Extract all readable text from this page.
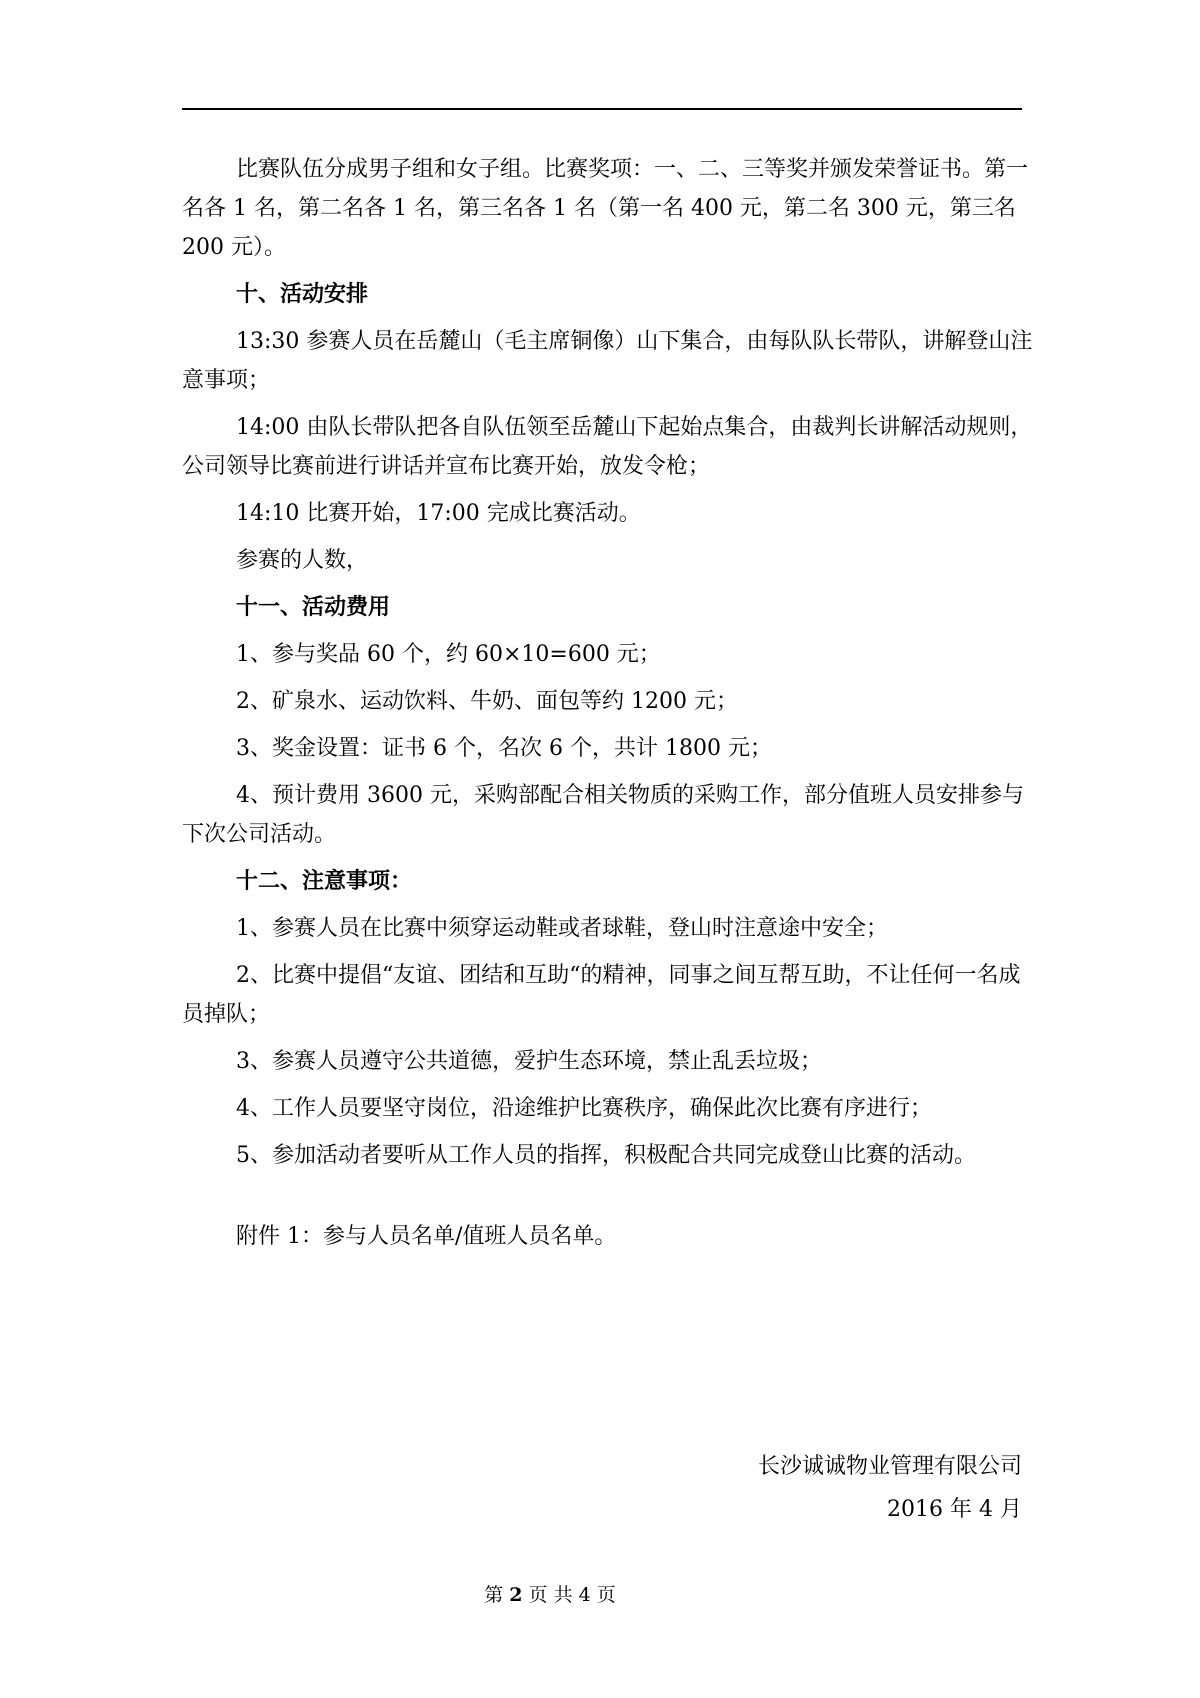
比赛队伍分成男子组和女子组。比赛奖项：一、二、三等奖并颁发荣誉证书。第一名各 1 名，第二名各 1 名，第三名各 1 名（第一名 400 元，第二名 300 元，第三名 200 元）。

十、活动安排

13:30 参赛人员在岳麓山（毛主席铜像）山下集合，由每队队长带队，讲解登山注意事项；

14:00 由队长带队把各自队伍领至岳麓山下起始点集合，由裁判长讲解活动规则，公司领导比赛前进行讲话并宣布比赛开始，放发令枪；

14:10 比赛开始，17:00 完成比赛活动。

参赛的人数，

十一、活动费用

1、参与奖品 60 个，约 60×10=600 元；

2、矿泉水、运动饮料、牛奶、面包等约 1200 元；

3、奖金设置：证书 6 个，名次 6 个，共计 1800 元；

4、预计费用 3600 元，采购部配合相关物质的采购工作，部分值班人员安排参与下次公司活动。

十二、注意事项：

1、参赛人员在比赛中须穿运动鞋或者球鞋，登山时注意途中安全；

2、比赛中提倡“友谊、团结和互助“的精神，同事之间互帮互助，不让任何一名成员掉队；

3、参赛人员遵守公共道德，爱护生态环境，禁止乱丢垃圾；

4、工作人员要坚守岗位，沿途维护比赛秩序，确保此次比赛有序进行；

5、参加活动者要听从工作人员的指挥，积极配合共同完成登山比赛的活动。

附件 1：参与人员名单/值班人员名单。

长沙诚诚物业管理有限公司
2016 年 4 月
第 2 页 共 4 页
